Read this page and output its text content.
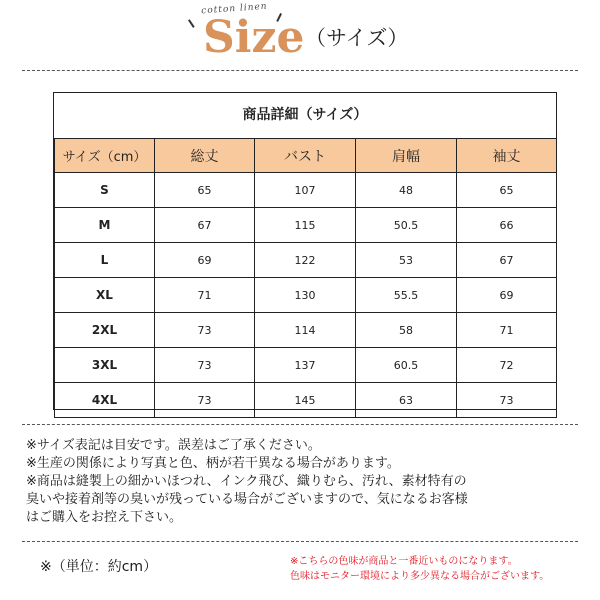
cotton linen
Size （サイズ）
商品詳細（サイズ）
サイズ（cm）	総丈	バスト	肩幅	袖丈
S	65	107	48	65
M	67	115	50.5	66
L	69	122	53	67
XL	71	130	55.5	69
2XL	73	114	58	71
3XL	73	137	60.5	72
4XL	73	145	63	73
※サイズ表記は目安です。誤差はご了承ください。
※生産の関係により写真と色、柄が若干異なる場合があります。
※商品は縫製上の細かいほつれ、インク飛び、織りむら、汚れ、素材特有の
臭いや接着剤等の臭いが残っている場合がございますので、気になるお客様
はご購入をお控え下さい。
※（単位：約cm）	※こちらの色味が商品と一番近いものになります。
色味はモニター環境により多少異なる場合がございます。
